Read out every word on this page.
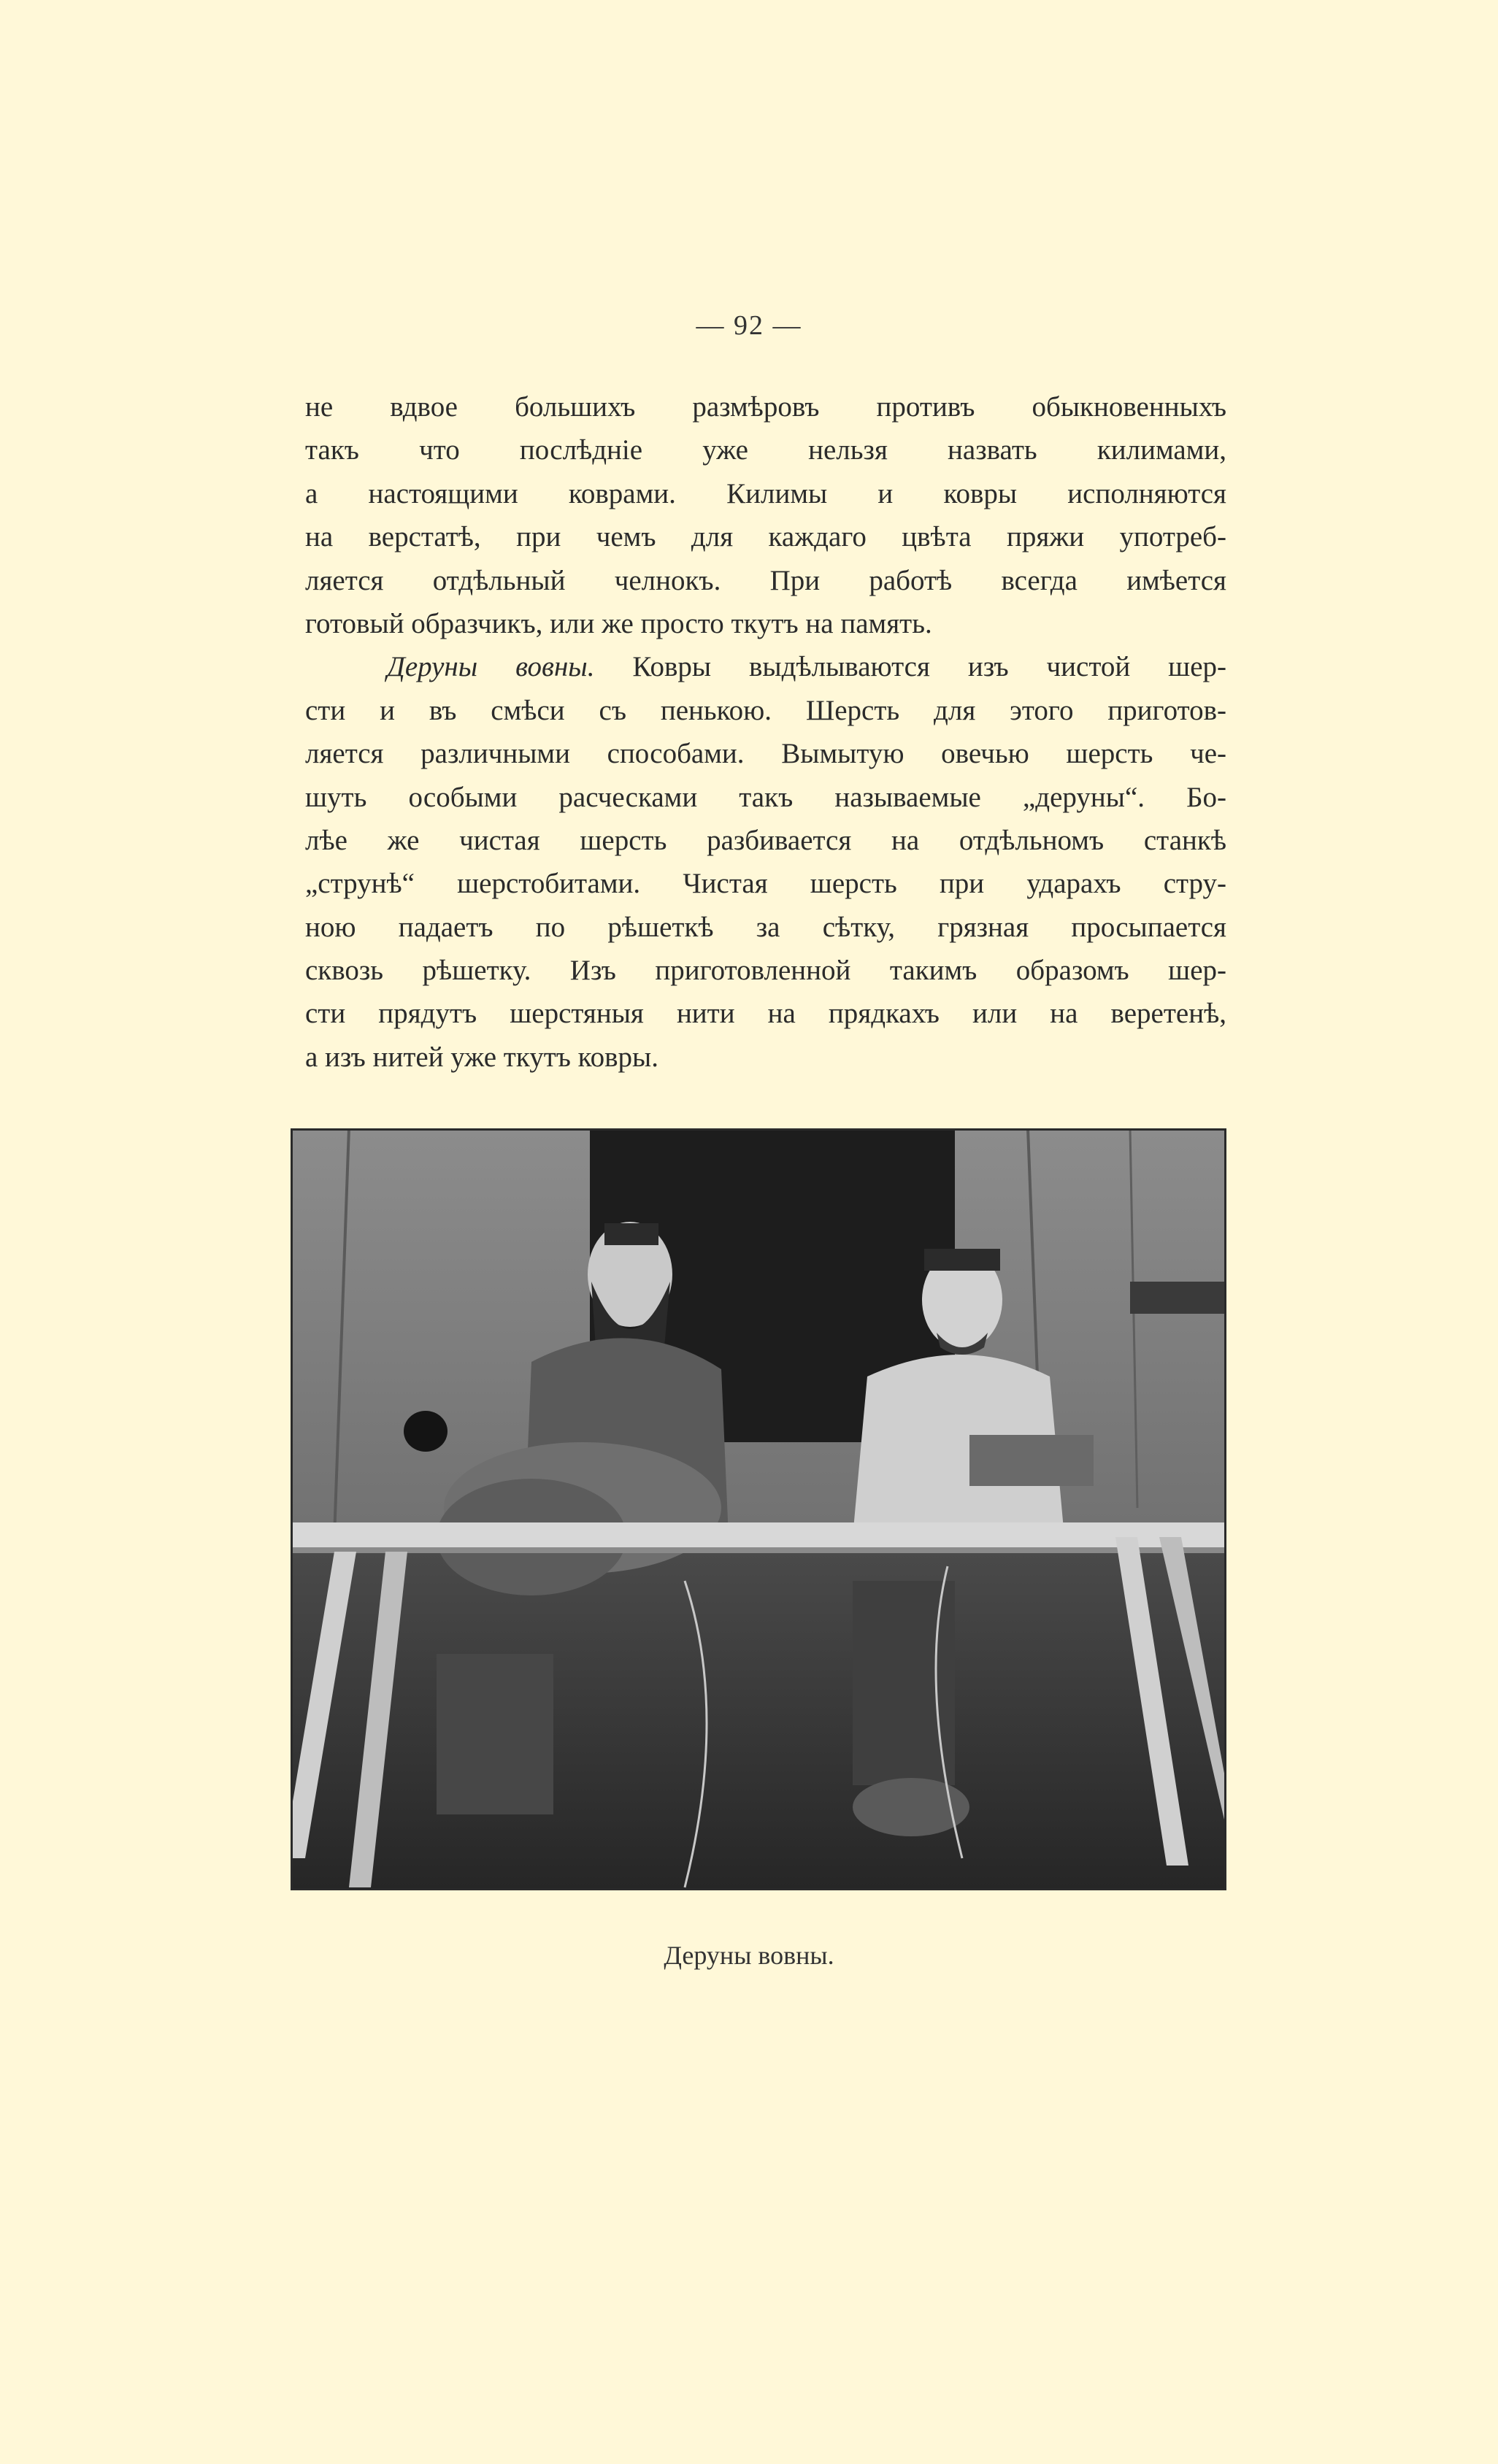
— 92 —
не вдвое большихъ размѣровъ противъ обыкновенныхъ
такъ что послѣдніе уже нельзя назвать килимами,
а настоящими коврами. Килимы и ковры исполняются
на верстатѣ, при чемъ для каждаго цвѣта пряжи употреб-
ляется отдѣльный челнокъ. При работѣ всегда имѣется
готовый образчикъ, или же просто ткутъ на память.
Деруны вовны. Ковры выдѣлываются изъ чистой шер-
сти и въ смѣси съ пенькою. Шерсть для этого приготов-
ляется различными способами. Вымытую овечью шерсть че-
шуть особыми расческами такъ называемые „деруны“. Бо-
лѣе же чистая шерсть разбивается на отдѣльномъ станкѣ
„струнѣ“ шерстобитами. Чистая шерсть при ударахъ стру-
ною падаетъ по рѣшеткѣ за сѣтку, грязная просыпается
сквозь рѣшетку. Изъ приготовленной такимъ образомъ шер-
сти прядутъ шерстяныя нити на прядкахъ или на веретенѣ,
а изъ нитей уже ткутъ ковры.
Деруны вовны.
